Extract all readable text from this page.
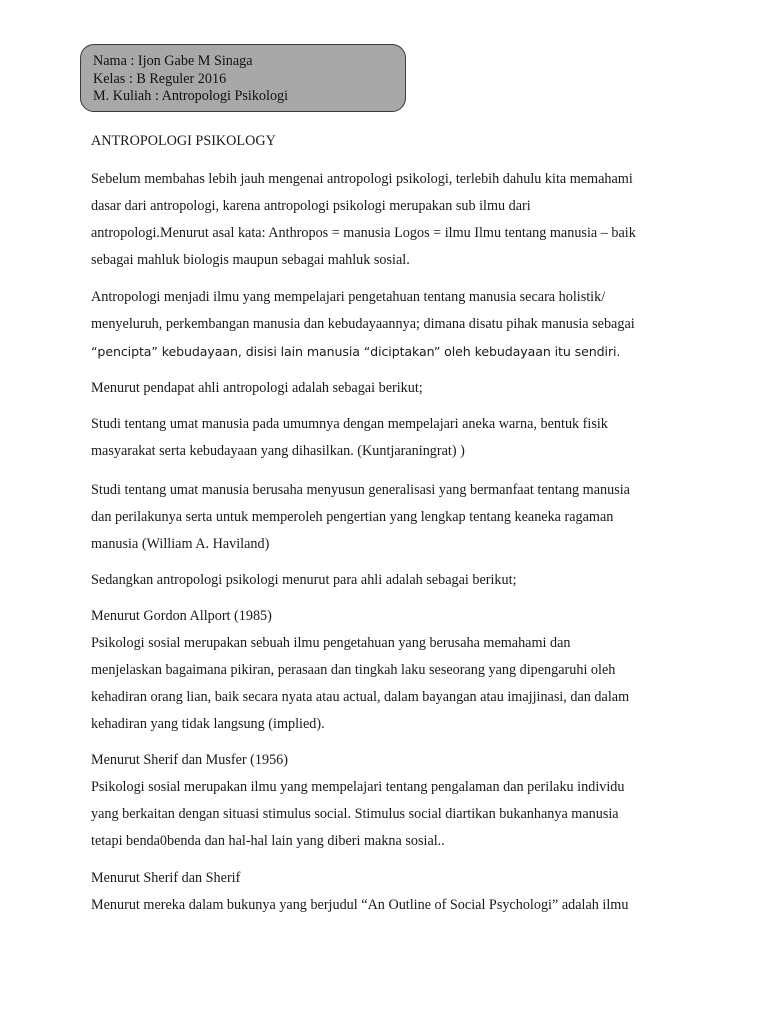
Nama : Ijon Gabe M Sinaga
Kelas : B Reguler 2016
M. Kuliah : Antropologi Psikologi

ANTROPOLOGI PSIKOLOGY

Sebelum membahas lebih jauh mengenai antropologi psikologi, terlebih dahulu kita memahami

dasar dari antropologi, karena antropologi psikologi merupakan sub ilmu dari

antropologi.Menurut asal kata: Anthropos = manusia Logos = ilmu Ilmu tentang manusia – baik

sebagai mahluk biologis maupun sebagai mahluk sosial.

Antropologi menjadi ilmu yang mempelajari pengetahuan tentang manusia secara holistik/

menyeluruh, perkembangan manusia dan kebudayaannya; dimana disatu pihak manusia sebagai

“pencipta” kebudayaan, disisi lain manusia “diciptakan” oleh kebudayaan itu sendiri.

Menurut pendapat ahli antropologi adalah sebagai berikut;

Studi tentang umat manusia pada umumnya dengan mempelajari aneka warna, bentuk fisik

masyarakat serta kebudayaan yang dihasilkan. (Kuntjaraningrat) )

Studi tentang umat manusia berusaha menyusun generalisasi yang bermanfaat tentang manusia

dan perilakunya serta untuk memperoleh pengertian yang lengkap tentang keaneka ragaman

manusia (William A. Haviland)

Sedangkan antropologi psikologi menurut para ahli adalah sebagai berikut;

Menurut Gordon Allport (1985)

Psikologi sosial merupakan sebuah ilmu pengetahuan yang berusaha memahami dan

menjelaskan bagaimana pikiran, perasaan dan tingkah laku seseorang yang dipengaruhi oleh

kehadiran orang lian, baik secara nyata atau actual, dalam bayangan atau imajjinasi, dan dalam

kehadiran yang tidak langsung (implied).

Menurut Sherif dan Musfer (1956)

Psikologi sosial merupakan ilmu yang mempelajari tentang pengalaman dan perilaku individu

yang berkaitan dengan situasi stimulus social. Stimulus social diartikan bukanhanya manusia

tetapi benda0benda dan hal-hal lain yang diberi makna sosial..

Menurut Sherif dan Sherif

Menurut mereka dalam bukunya yang berjudul “An Outline of Social Psychologi” adalah ilmu
